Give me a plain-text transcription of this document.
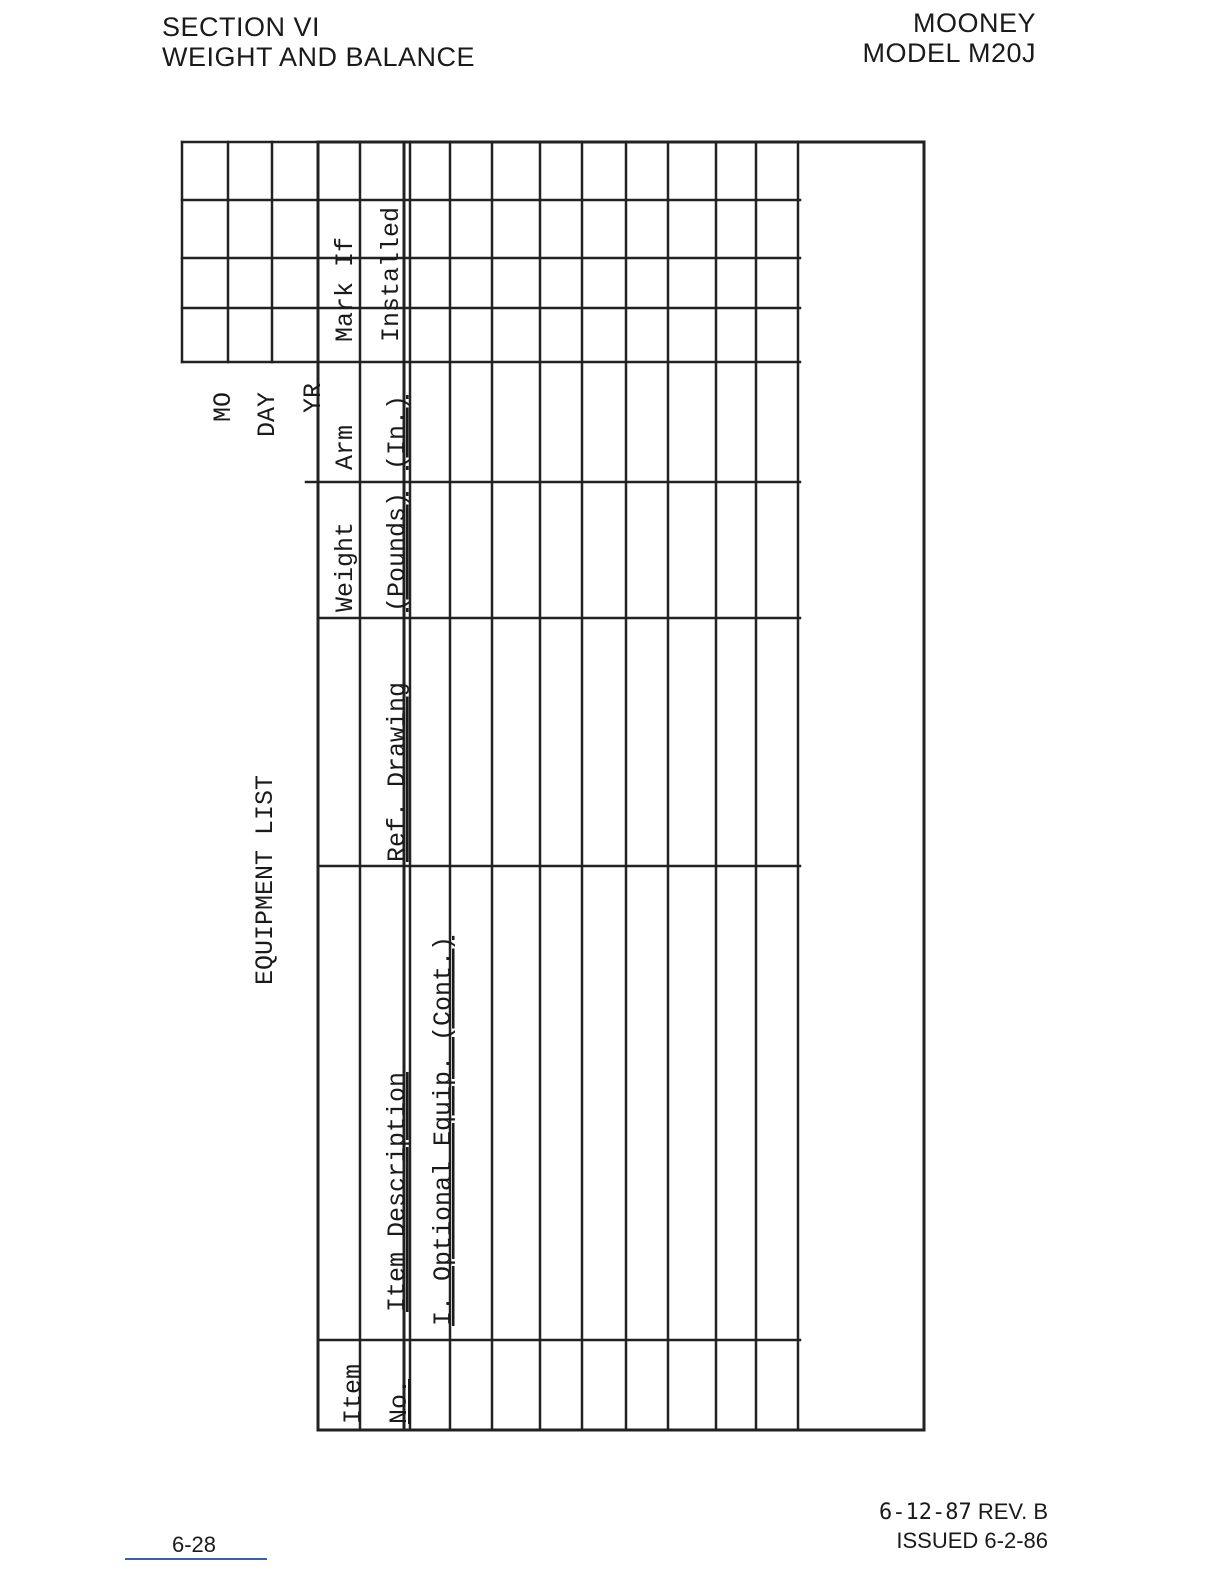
SECTION VI
WEIGHT AND BALANCE
MOONEY
MODEL M20J
EQUIPMENT LIST
MO DAY YR
Item No.
Item Description
Ref. Drawing
Weight (Pounds)
Arm (In.)
Mark If Installed
I. Optional Equip. (Cont.)
6-28
6-12-87 REV. B
ISSUED 6-2-86
